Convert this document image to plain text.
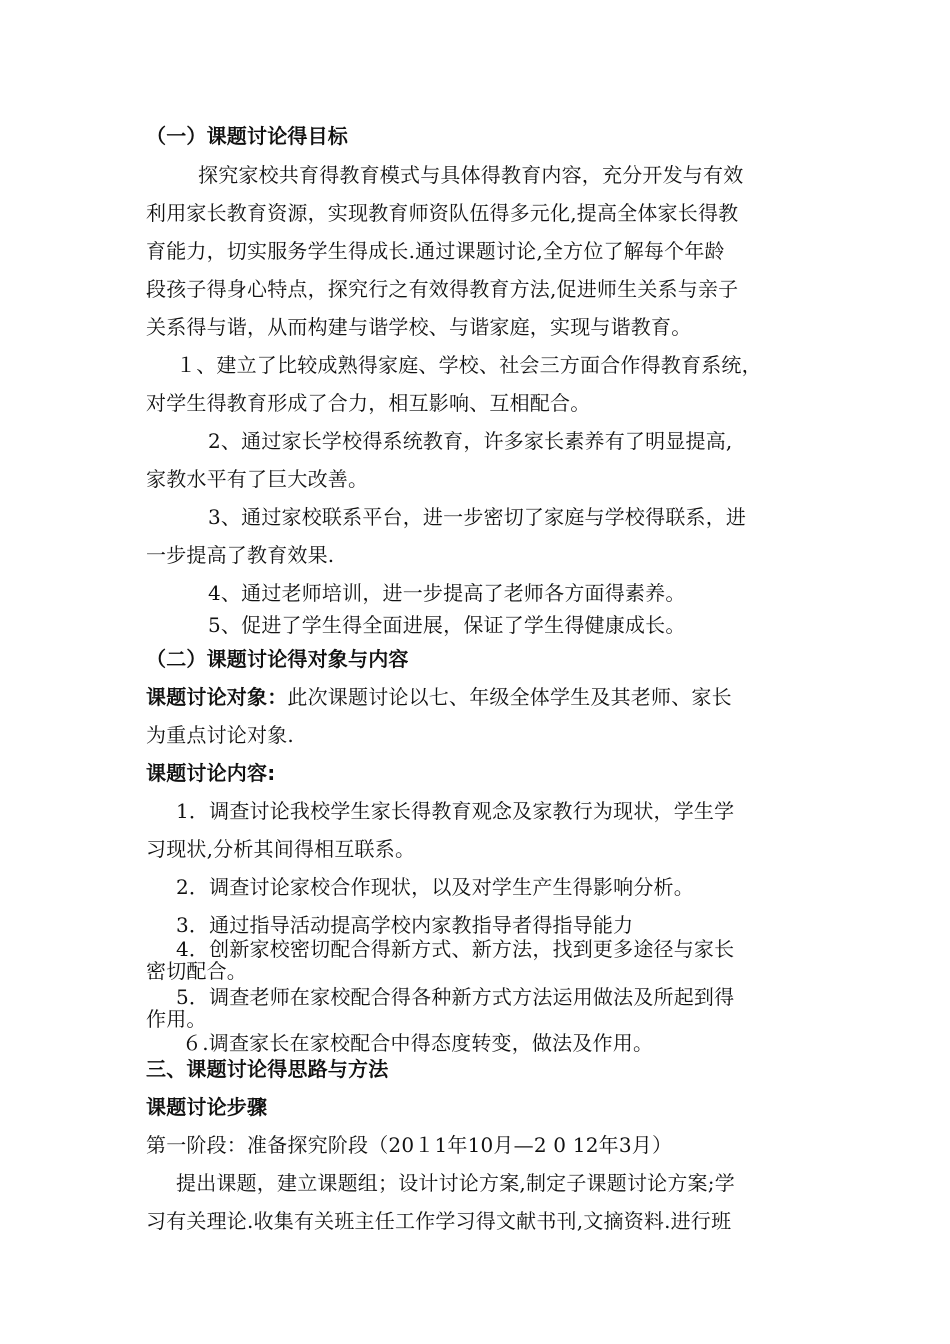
（一）课题讨论得目标
探究家校共育得教育模式与具体得教育内容，充分开发与有效
利用家长教育资源，实现教育师资队伍得多元化,提高全体家长得教
育能力，切实服务学生得成长.通过课题讨论,全方位了解每个年龄
段孩子得身心特点，探究行之有效得教育方法,促进师生关系与亲子
关系得与谐，从而构建与谐学校、与谐家庭，实现与谐教育。
１、建立了比较成熟得家庭、学校、社会三方面合作得教育系统，
对学生得教育形成了合力，相互影响、互相配合。
2、通过家长学校得系统教育，许多家长素养有了明显提高,
家教水平有了巨大改善。
3、通过家校联系平台，进一步密切了家庭与学校得联系，进
一步提高了教育效果.
4、通过老师培训，进一步提高了老师各方面得素养。
5、促进了学生得全面进展，保证了学生得健康成长。
（二）课题讨论得对象与内容
课题讨论对象：此次课题讨论以七、年级全体学生及其老师、家长
为重点讨论对象.
课题讨论内容:
1．调查讨论我校学生家长得教育观念及家教行为现状，学生学
习现状,分析其间得相互联系。
2．调查讨论家校合作现状，以及对学生产生得影响分析。
3．通过指导活动提高学校内家教指导者得指导能力
4．创新家校密切配合得新方式、新方法，找到更多途径与家长
密切配合。
5．调查老师在家校配合得各种新方式方法运用做法及所起到得
作用。
６.调查家长在家校配合中得态度转变，做法及作用。
三、课题讨论得思路与方法
课题讨论步骤
第一阶段：准备探究阶段（20１1年10月—2 0 12年3月）
提出课题，建立课题组；设计讨论方案,制定子课题讨论方案;学
习有关理论.收集有关班主任工作学习得文献书刊,文摘资料.进行班
